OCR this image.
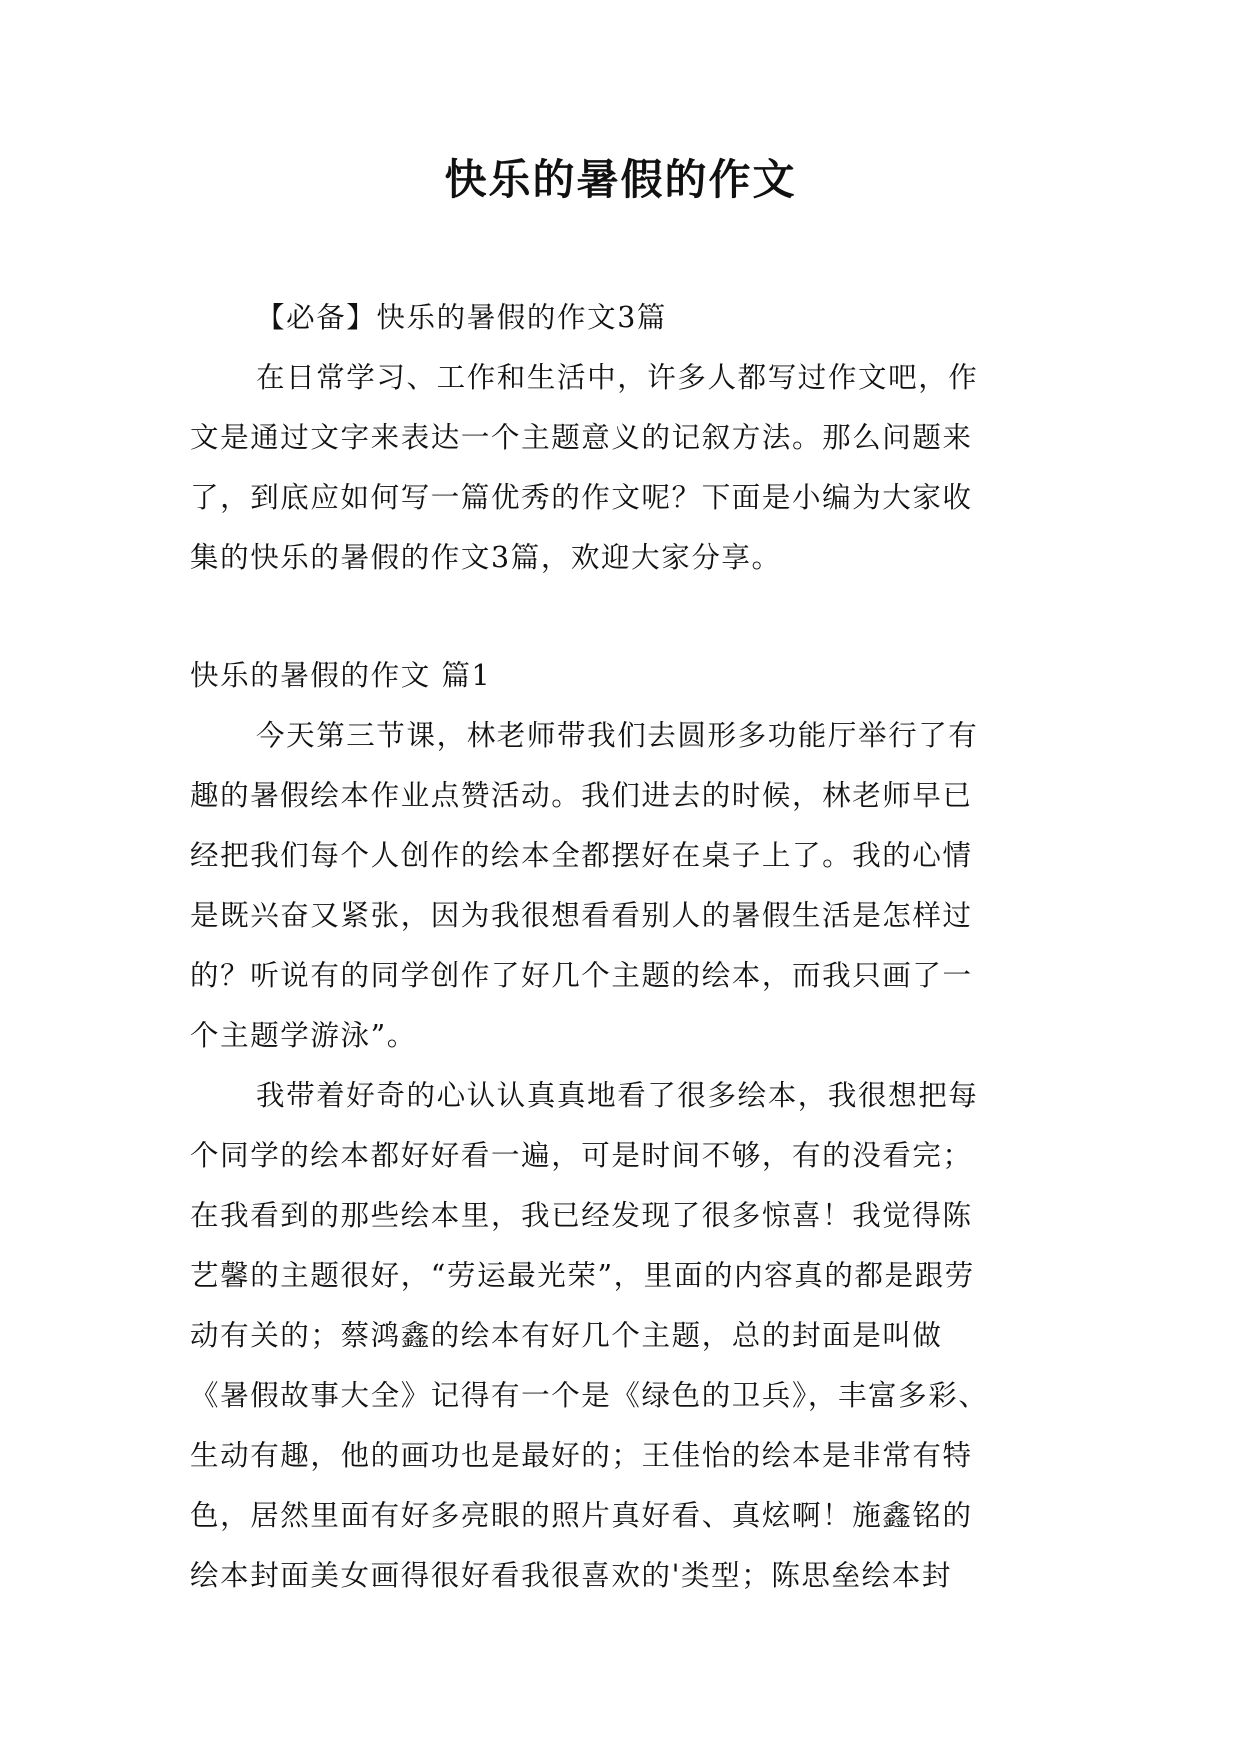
快乐的暑假的作文
【必备】快乐的暑假的作文3篇
在日常学习、工作和生活中，许多人都写过作文吧，作
文是通过文字来表达一个主题意义的记叙方法。那么问题来
了，到底应如何写一篇优秀的作文呢？下面是小编为大家收
集的快乐的暑假的作文3篇，欢迎大家分享。
快乐的暑假的作文 篇1
今天第三节课，林老师带我们去圆形多功能厅举行了有
趣的暑假绘本作业点赞活动。我们进去的时候，林老师早已
经把我们每个人创作的绘本全都摆好在桌子上了。我的心情
是既兴奋又紧张，因为我很想看看别人的暑假生活是怎样过
的？听说有的同学创作了好几个主题的绘本，而我只画了一
个主题学游泳”。
我带着好奇的心认认真真地看了很多绘本，我很想把每
个同学的绘本都好好看一遍，可是时间不够，有的没看完；
在我看到的那些绘本里，我已经发现了很多惊喜！我觉得陈
艺馨的主题很好，“劳运最光荣”，里面的内容真的都是跟劳
动有关的；蔡鸿鑫的绘本有好几个主题，总的封面是叫做
《暑假故事大全》记得有一个是《绿色的卫兵》，丰富多彩、
生动有趣，他的画功也是最好的；王佳怡的绘本是非常有特
色，居然里面有好多亮眼的照片真好看、真炫啊！施鑫铭的
绘本封面美女画得很好看我很喜欢的'类型；陈思垒绘本封
